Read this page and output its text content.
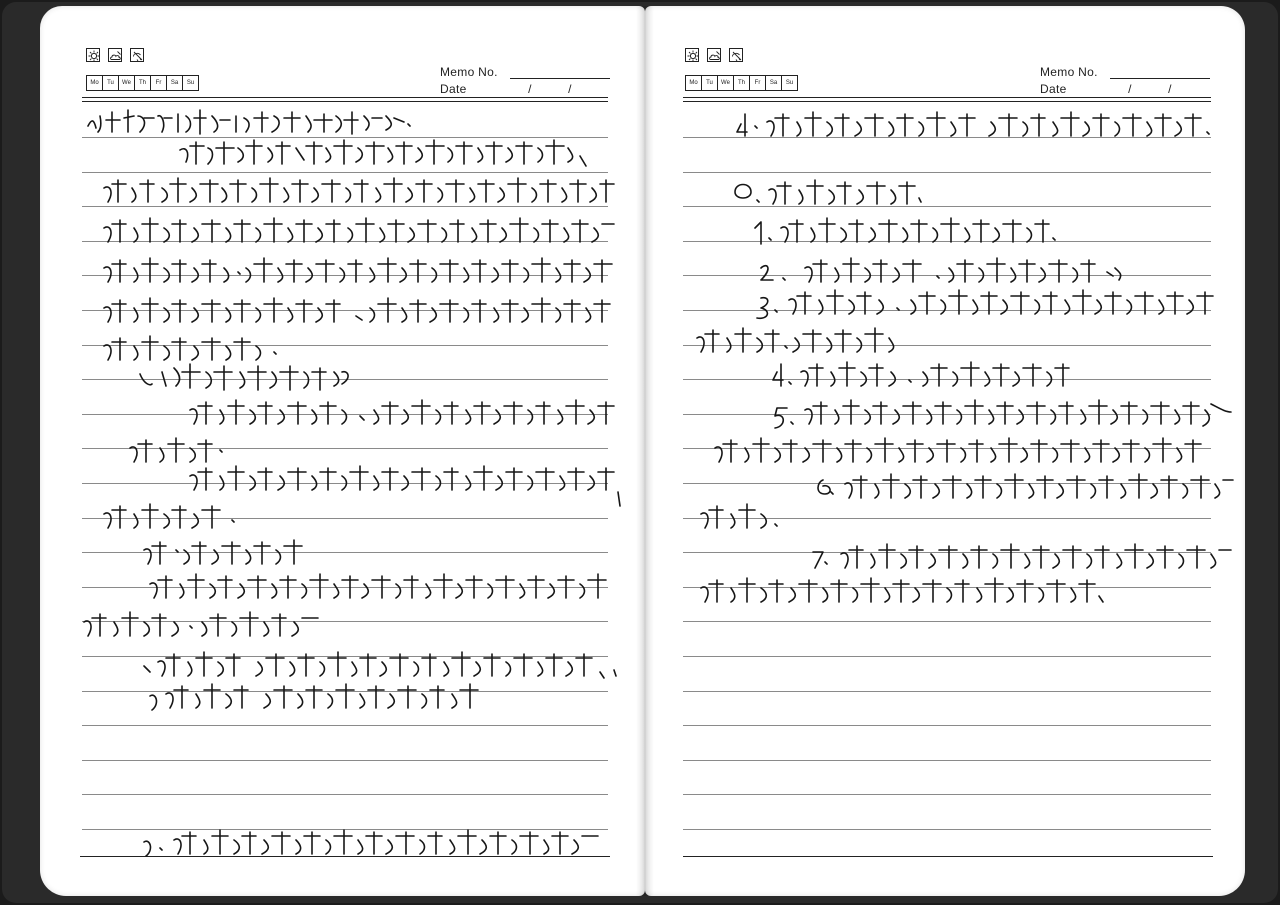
Mo	Tu	We	Th	Fr	Sa	Su
Memo No.
Date	/	/	Mo	Tu	We	Th	Fr	Sa	Su
Memo No.
Date	/	/
